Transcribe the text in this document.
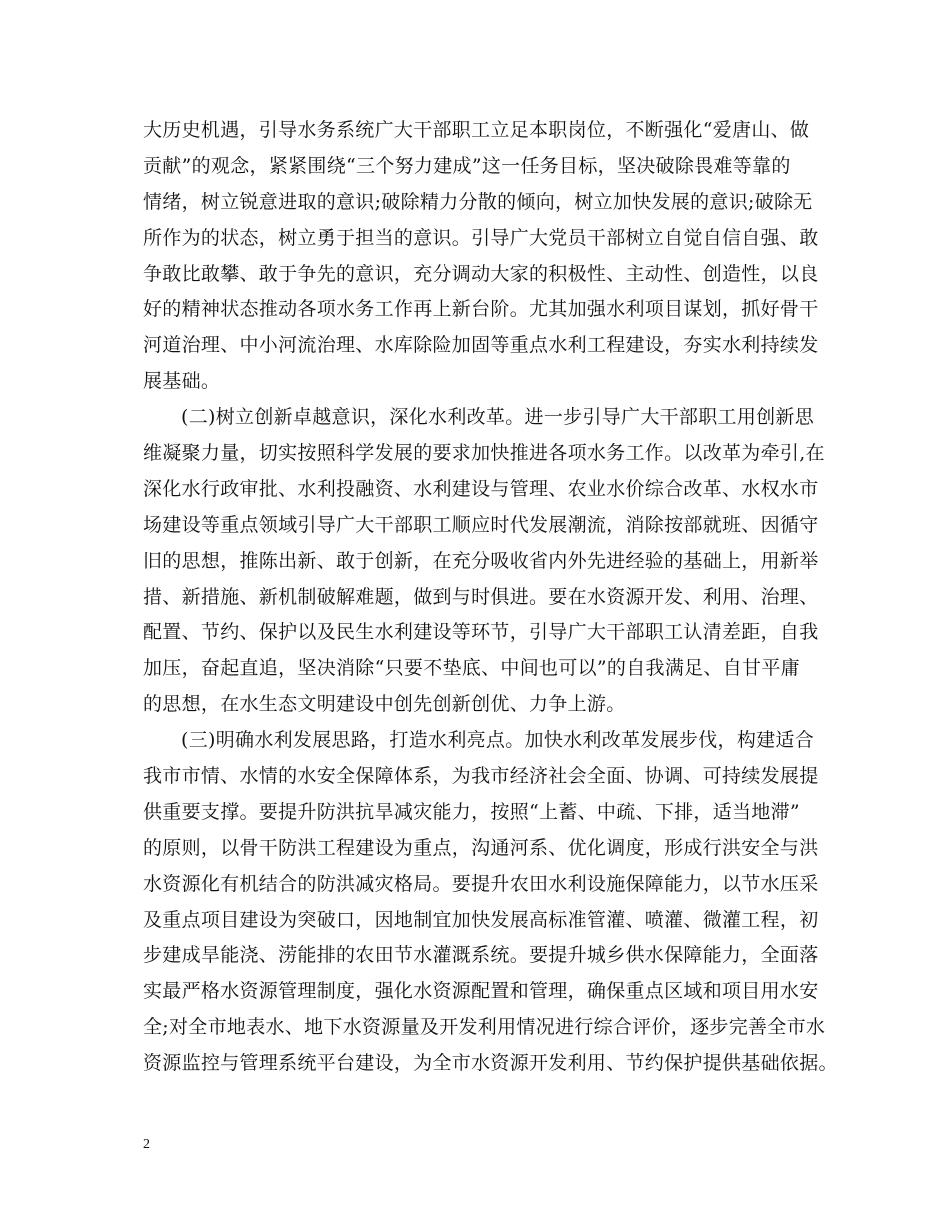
大历史机遇，引导水务系统广大干部职工立足本职岗位，不断强化“爱唐山、做
贡献”的观念，紧紧围绕“三个努力建成”这一任务目标，坚决破除畏难等靠的
情绪，树立锐意进取的意识;破除精力分散的倾向，树立加快发展的意识;破除无
所作为的状态，树立勇于担当的意识。引导广大党员干部树立自觉自信自强、敢
争敢比敢攀、敢于争先的意识，充分调动大家的积极性、主动性、创造性，以良
好的精神状态推动各项水务工作再上新台阶。尤其加强水利项目谋划，抓好骨干
河道治理、中小河流治理、水库除险加固等重点水利工程建设，夯实水利持续发
展基础。
(二)树立创新卓越意识，深化水利改革。进一步引导广大干部职工用创新思
维凝聚力量，切实按照科学发展的要求加快推进各项水务工作。以改革为牵引,在
深化水行政审批、水利投融资、水利建设与管理、农业水价综合改革、水权水市
场建设等重点领域引导广大干部职工顺应时代发展潮流，消除按部就班、因循守
旧的思想，推陈出新、敢于创新，在充分吸收省内外先进经验的基础上，用新举
措、新措施、新机制破解难题，做到与时俱进。要在水资源开发、利用、治理、
配置、节约、保护以及民生水利建设等环节，引导广大干部职工认清差距，自我
加压，奋起直追，坚决消除“只要不垫底、中间也可以”的自我满足、自甘平庸
的思想，在水生态文明建设中创先创新创优、力争上游。
(三)明确水利发展思路，打造水利亮点。加快水利改革发展步伐，构建适合
我市市情、水情的水安全保障体系，为我市经济社会全面、协调、可持续发展提
供重要支撑。要提升防洪抗旱减灾能力，按照“上蓄、中疏、下排，适当地滞”
的原则，以骨干防洪工程建设为重点，沟通河系、优化调度，形成行洪安全与洪
水资源化有机结合的防洪减灾格局。要提升农田水利设施保障能力，以节水压采
及重点项目建设为突破口，因地制宜加快发展高标准管灌、喷灌、微灌工程，初
步建成旱能浇、涝能排的农田节水灌溉系统。要提升城乡供水保障能力，全面落
实最严格水资源管理制度，强化水资源配置和管理，确保重点区域和项目用水安
全;对全市地表水、地下水资源量及开发利用情况进行综合评价，逐步完善全市水
资源监控与管理系统平台建设，为全市水资源开发利用、节约保护提供基础依据。
2
